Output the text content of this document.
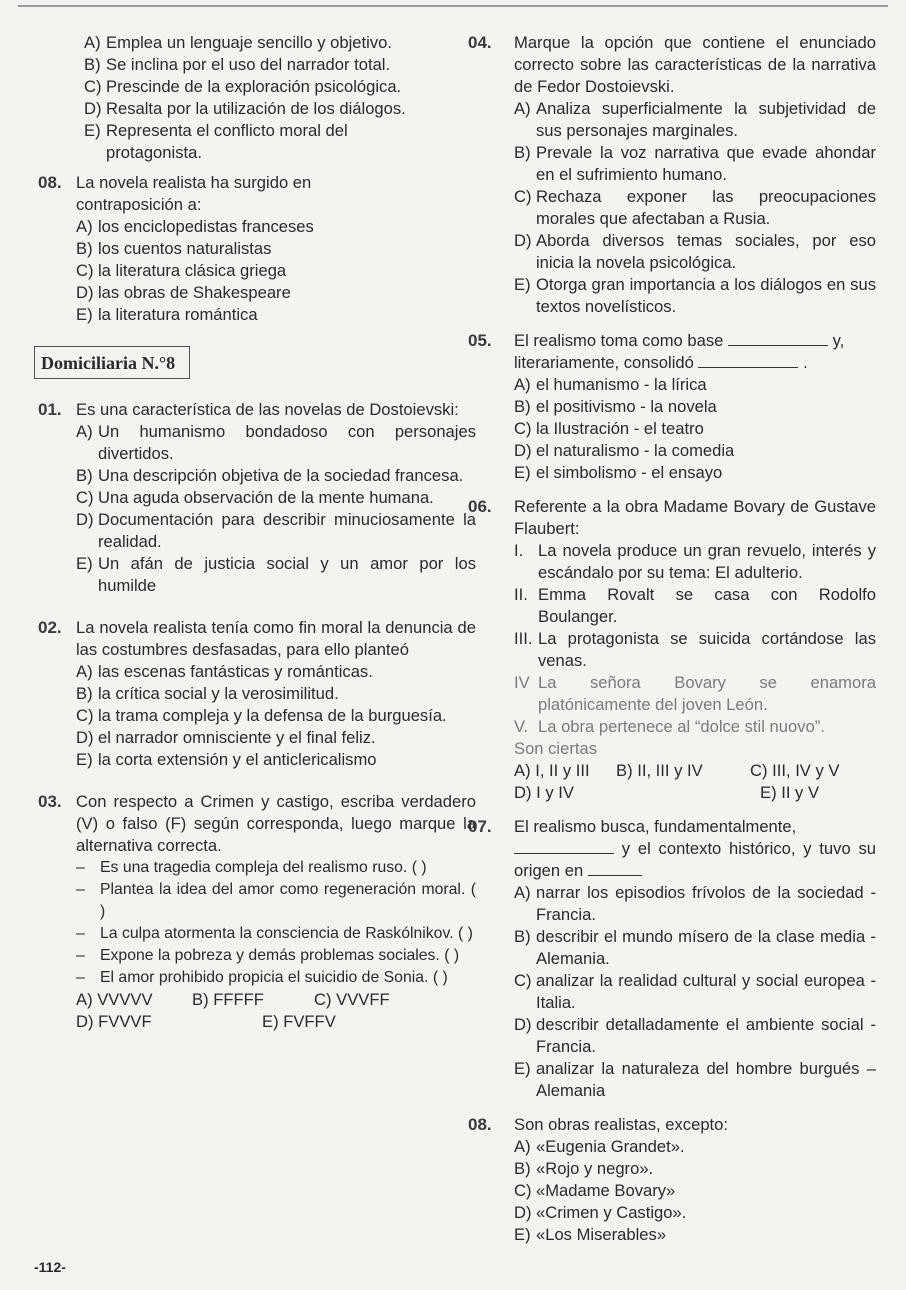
A) Emplea un lenguaje sencillo y objetivo.
B) Se inclina por el uso del narrador total.
C) Prescinde de la exploración psicológica.
D) Resalta por la utilización de los diálogos.
E) Representa el conflicto moral del protagonista.
08. La novela realista ha surgido en contraposición a:
A) los enciclopedistas franceses
B) los cuentos naturalistas
C) la literatura clásica griega
D) las obras de Shakespeare
E) la literatura romántica
Domiciliaria N.°8
01. Es una característica de las novelas de Dostoievski:
A) Un humanismo bondadoso con personajes divertidos.
B) Una descripción objetiva de la sociedad francesa.
C) Una aguda observación de la mente humana.
D) Documentación para describir minuciosamente la realidad.
E) Un afán de justicia social y un amor por los humilde
02. La novela realista tenía como fin moral la denuncia de las costumbres desfasadas, para ello planteó
A) las escenas fantásticas y románticas.
B) la crítica social y la verosimilitud.
C) la trama compleja y la defensa de la burguesía.
D) el narrador omnisciente y el final feliz.
E) la corta extensión y el anticlericalismo
03. Con respecto a Crimen y castigo, escriba verdadero (V) o falso (F) según corresponda, luego marque la alternativa correcta.
– Es una tragedia compleja del realismo ruso. ( )
– Plantea la idea del amor como regeneración moral. ( )
– La culpa atormenta la consciencia de Raskólnikov. ( )
– Expone la pobreza y demás problemas sociales. ( )
– El amor prohibido propicia el suicidio de Sonia. ( )
A) VVVVV B) FFFFF	C) VVVFF
D) FVVVF	E) FVFFV
-112-
04. Marque la opción que contiene el enunciado correcto sobre las características de la narrativa de Fedor Dostoievski.
A) Analiza superficialmente la subjetividad de sus personajes marginales.
B) Prevale la voz narrativa que evade ahondar en el sufrimiento humano.
C) Rechaza exponer las preocupaciones morales que afectaban a Rusia.
D) Aborda diversos temas sociales, por eso inicia la novela psicológica.
E) Otorga gran importancia a los diálogos en sus textos novelísticos.
05. El realismo toma como base	y,
literariamente, consolidó	.
A) el humanismo - la lírica
B) el positivismo - la novela
C) la Ilustración - el teatro
D) el naturalismo - la comedia
E) el simbolismo - el ensayo
06. Referente a la obra Madame Bovary de Gustave Flaubert:
I. La novela produce un gran revuelo, interés y escándalo por su tema: El adulterio.
II. Emma Rovalt se casa con Rodolfo Boulanger.
III. La protagonista se suicida cortándose las venas.
IV La señora Bovary se enamora platónicamente del joven León.
V. La obra pertenece al “dolce stil nuovo”.
Son ciertas
A) I, II y III B) II, III y IV	C) III, IV y V
D) I y IV	E) II y V
07. El realismo busca, fundamentalmente,
y el contexto histórico, y tuvo su origen en
A) narrar los episodios frívolos de la sociedad - Francia.
B) describir el mundo mísero de la clase media - Alemania.
C) analizar la realidad cultural y social europea - Italia.
D) describir detalladamente el ambiente social - Francia.
E) analizar la naturaleza del hombre burgués – Alemania
08. Son obras realistas, excepto:
A) «Eugenia Grandet».
B) «Rojo y negro».
C) «Madame Bovary»
D) «Crimen y Castigo».
E) «Los Miserables»
